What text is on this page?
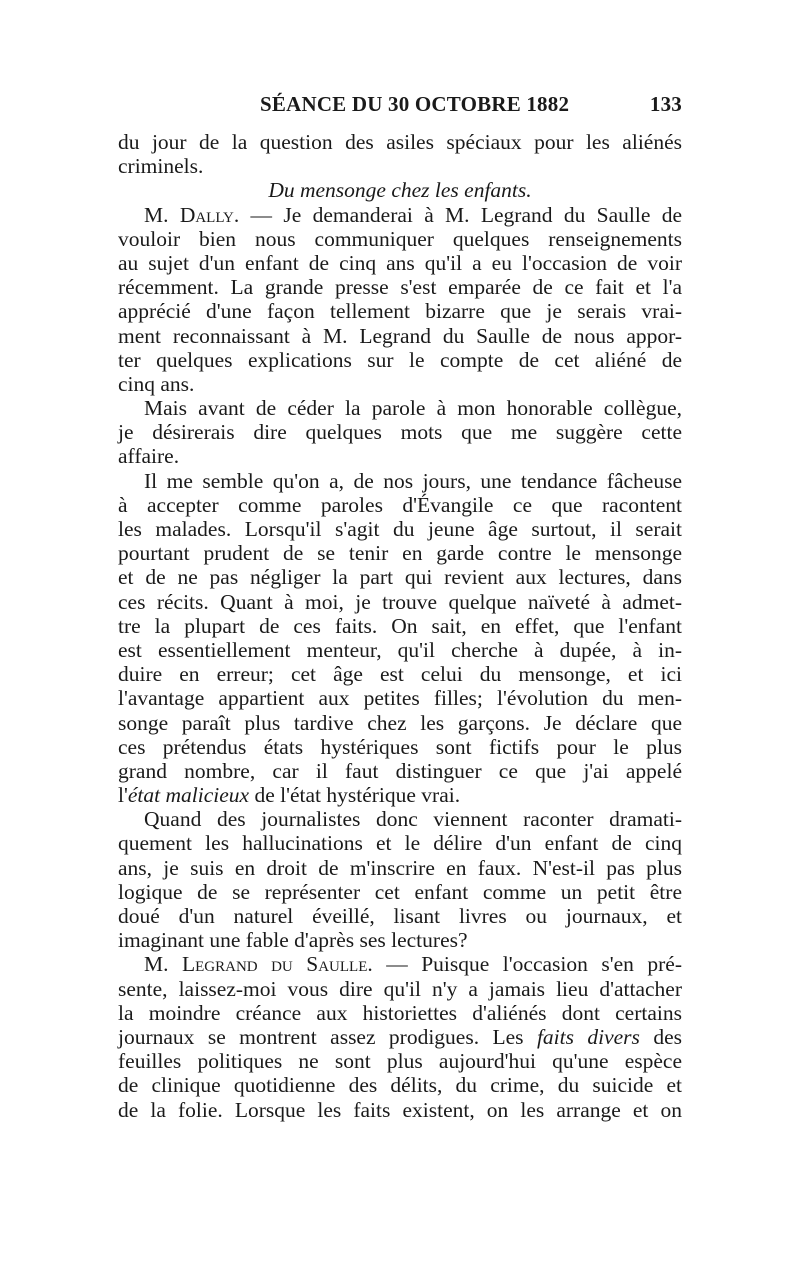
SÉANCE DU 30 OCTOBRE 1882	133
du jour de la question des asiles spéciaux pour les aliénés
criminels.
Du mensonge chez les enfants.
M. Dally. — Je demanderai à M. Legrand du Saulle de
vouloir bien nous communiquer quelques renseignements
au sujet d'un enfant de cinq ans qu'il a eu l'occasion de voir
récemment. La grande presse s'est emparée de ce fait et l'a
apprécié d'une façon tellement bizarre que je serais vrai-
ment reconnaissant à M. Legrand du Saulle de nous appor-
ter quelques explications sur le compte de cet aliéné de
cinq ans.
Mais avant de céder la parole à mon honorable collègue,
je désirerais dire quelques mots que me suggère cette
affaire.
Il me semble qu'on a, de nos jours, une tendance fâcheuse
à accepter comme paroles d'Évangile ce que racontent
les malades. Lorsqu'il s'agit du jeune âge surtout, il serait
pourtant prudent de se tenir en garde contre le mensonge
et de ne pas négliger la part qui revient aux lectures, dans
ces récits. Quant à moi, je trouve quelque naïveté à admet-
tre la plupart de ces faits. On sait, en effet, que l'enfant
est essentiellement menteur, qu'il cherche à dupée, à in-
duire en erreur; cet âge est celui du mensonge, et ici
l'avantage appartient aux petites filles; l'évolution du men-
songe paraît plus tardive chez les garçons. Je déclare que
ces prétendus états hystériques sont fictifs pour le plus
grand nombre, car il faut distinguer ce que j'ai appelé
l'état malicieux de l'état hystérique vrai.
Quand des journalistes donc viennent raconter dramati-
quement les hallucinations et le délire d'un enfant de cinq
ans, je suis en droit de m'inscrire en faux. N'est-il pas plus
logique de se représenter cet enfant comme un petit être
doué d'un naturel éveillé, lisant livres ou journaux, et
imaginant une fable d'après ses lectures?
M. Legrand du Saulle. — Puisque l'occasion s'en pré-
sente, laissez-moi vous dire qu'il n'y a jamais lieu d'attacher
la moindre créance aux historiettes d'aliénés dont certains
journaux se montrent assez prodigues. Les faits divers des
feuilles politiques ne sont plus aujourd'hui qu'une espèce
de clinique quotidienne des délits, du crime, du suicide et
de la folie. Lorsque les faits existent, on les arrange et on
